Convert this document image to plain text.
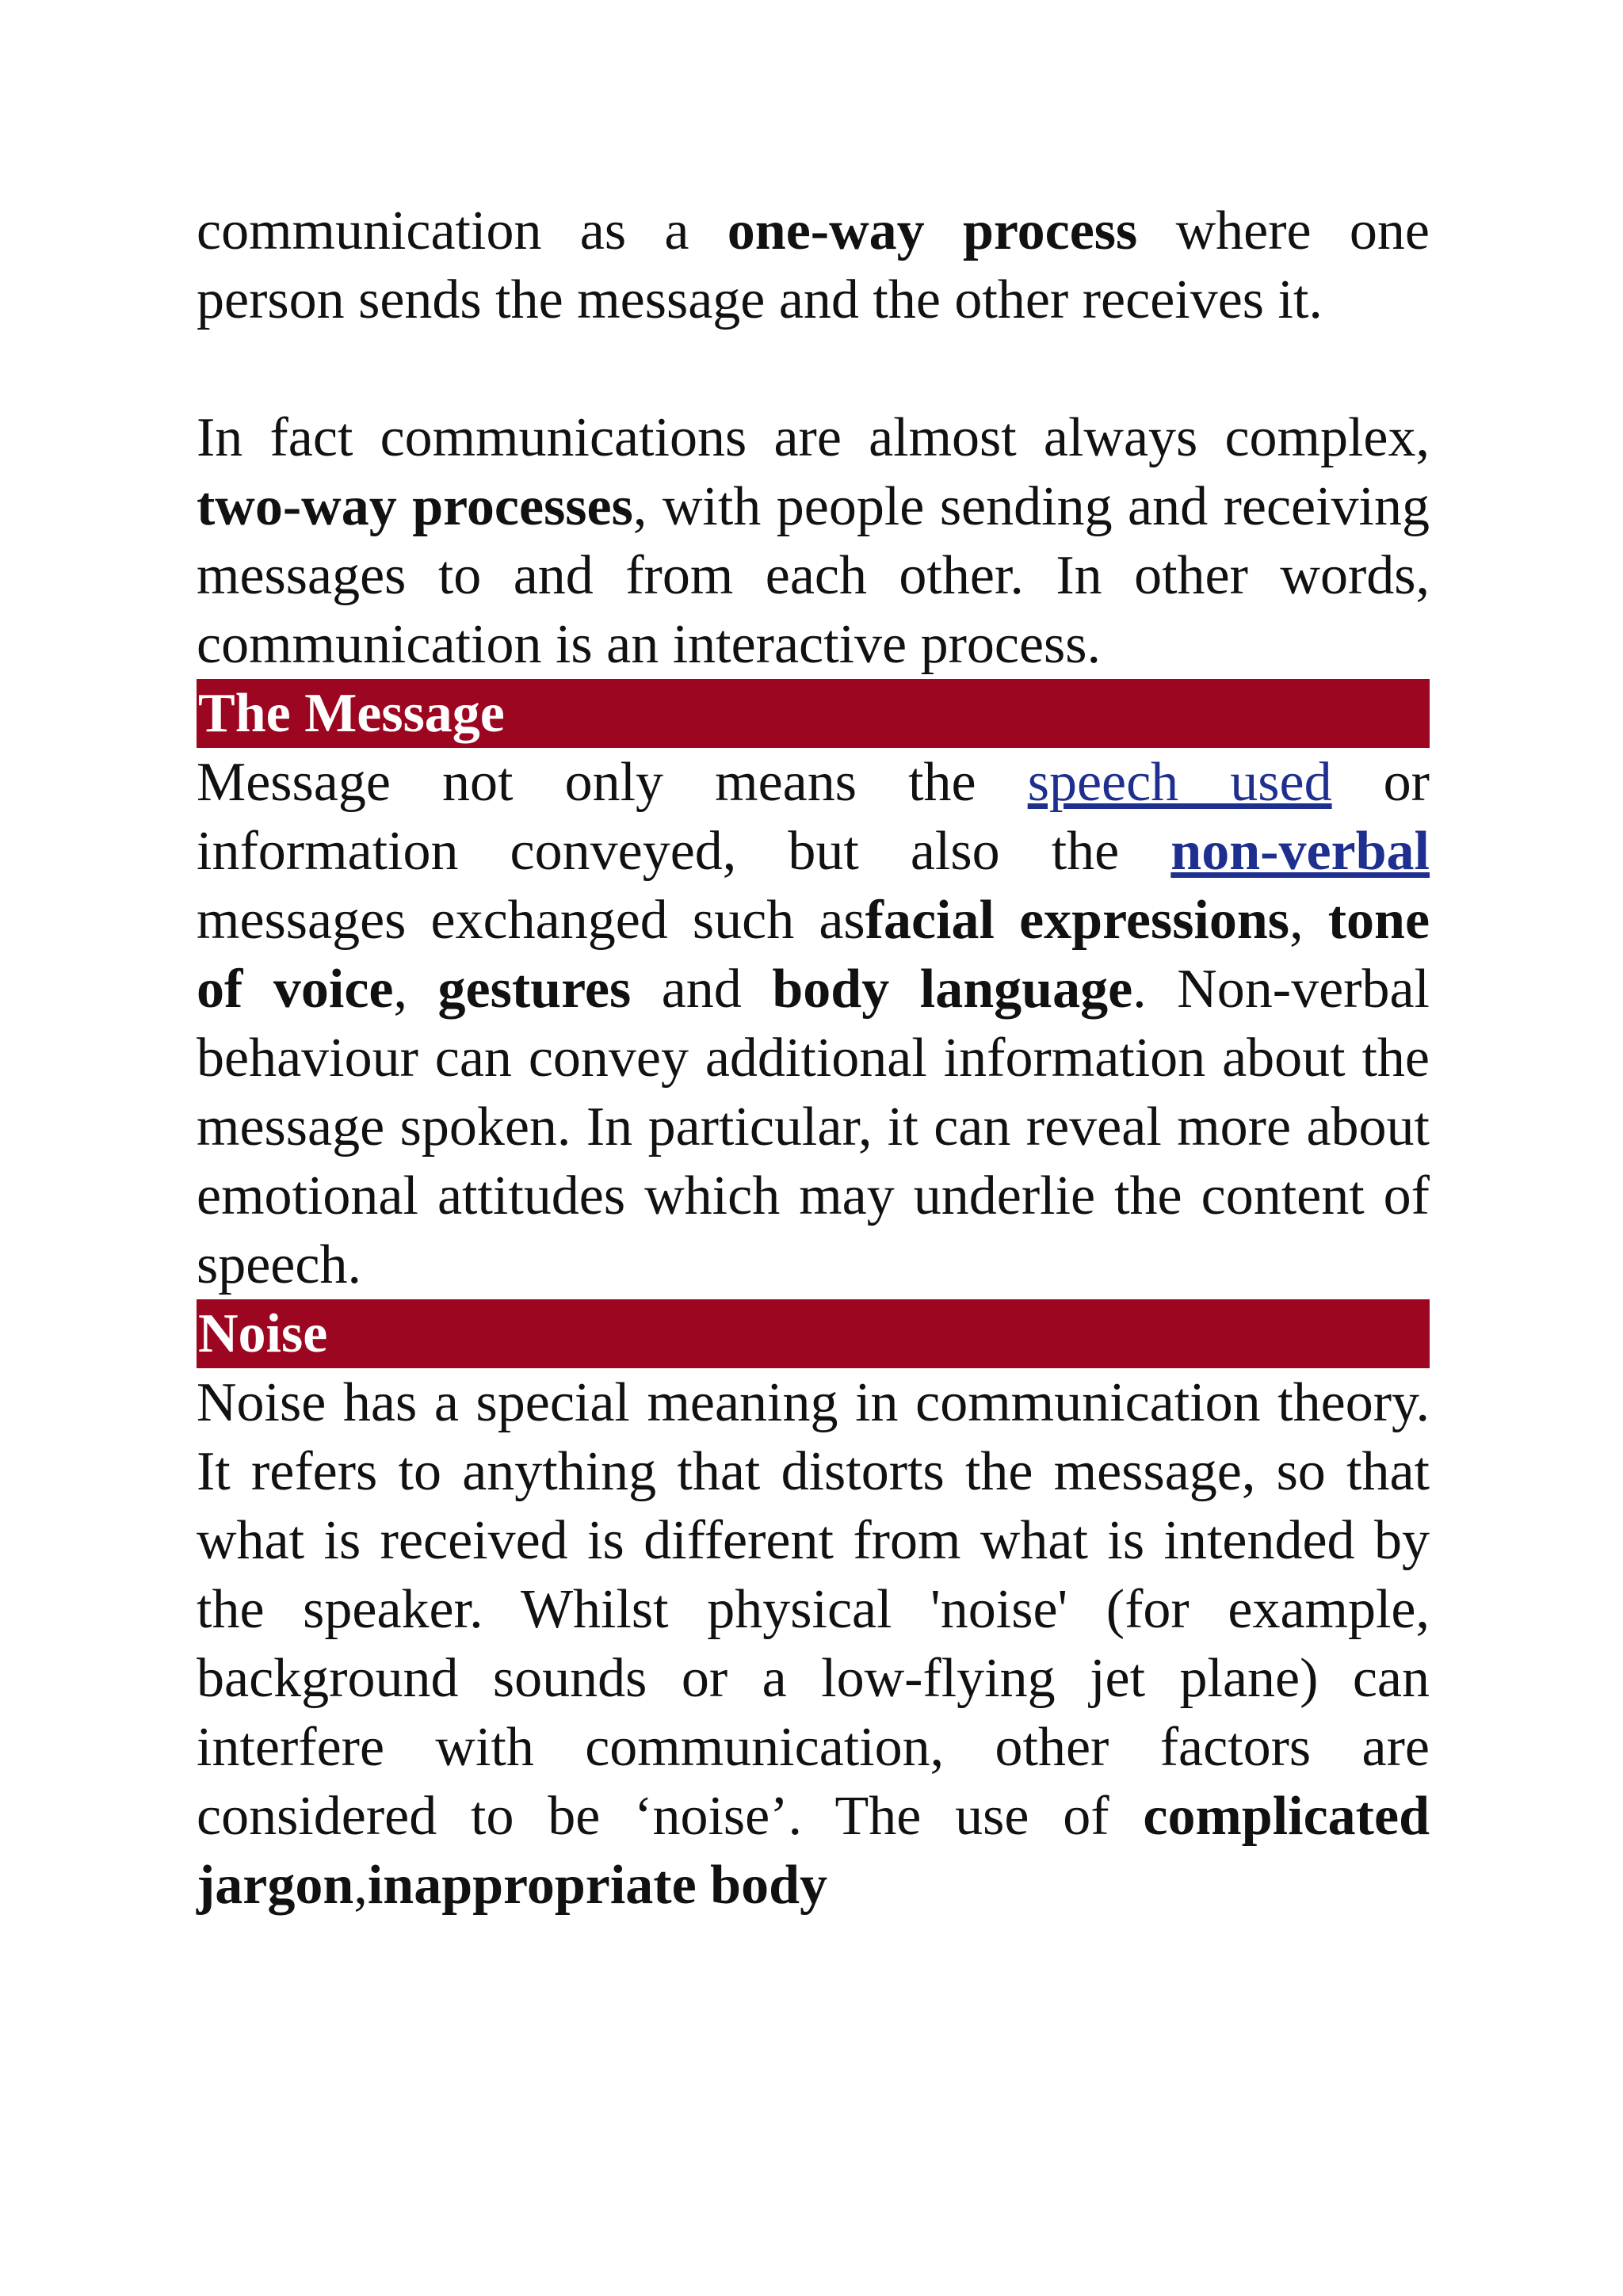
communication as a one-way process where one person sends the message and the other receives it.

In fact communications are almost always complex, two-way processes, with people sending and receiving messages to and from each other. In other words, communication is an interactive process.

The Message

Message not only means the speech used or information conveyed, but also the non-verbal messages exchanged such asfacial expressions, tone of voice, gestures and body language. Non-verbal behaviour can convey additional information about the message spoken. In particular, it can reveal more about emotional attitudes which may underlie the content of speech.

Noise

Noise has a special meaning in communication theory. It refers to anything that distorts the message, so that what is received is different from what is intended by the speaker. Whilst physical 'noise' (for example, background sounds or a low-flying jet plane) can interfere with communication, other factors are considered to be ‘noise’. The use of complicated jargon,inappropriate body
